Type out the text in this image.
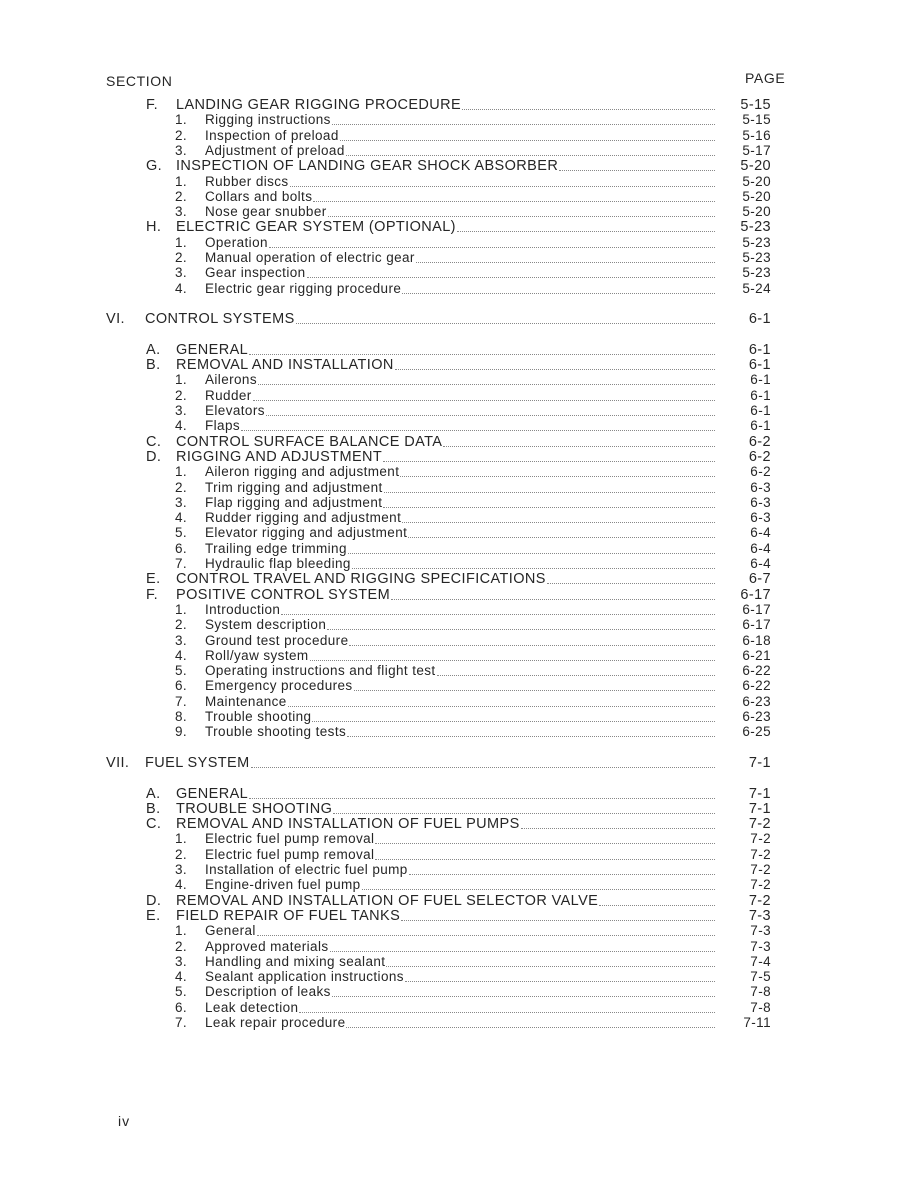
SECTION	PAGE
F. LANDING GEAR RIGGING PROCEDURE	5-15
1. Rigging instructions	5-15
2. Inspection of preload	5-16
3. Adjustment of preload	5-17
G. INSPECTION OF LANDING GEAR SHOCK ABSORBER	5-20
1. Rubber discs	5-20
2. Collars and bolts	5-20
3. Nose gear snubber	5-20
H. ELECTRIC GEAR SYSTEM (OPTIONAL)	5-23
1. Operation	5-23
2. Manual operation of electric gear	5-23
3. Gear inspection	5-23
4. Electric gear rigging procedure	5-24
VI. CONTROL SYSTEMS	6-1
A. GENERAL	6-1
B. REMOVAL AND INSTALLATION	6-1
1. Ailerons	6-1
2. Rudder	6-1
3. Elevators	6-1
4. Flaps	6-1
C. CONTROL SURFACE BALANCE DATA	6-2
D. RIGGING AND ADJUSTMENT	6-2
1. Aileron rigging and adjustment	6-2
2. Trim rigging and adjustment	6-3
3. Flap rigging and adjustment	6-3
4. Rudder rigging and adjustment	6-3
5. Elevator rigging and adjustment	6-4
6. Trailing edge trimming	6-4
7. Hydraulic flap bleeding	6-4
E. CONTROL TRAVEL AND RIGGING SPECIFICATIONS	6-7
F. POSITIVE CONTROL SYSTEM	6-17
1. Introduction	6-17
2. System description	6-17
3. Ground test procedure	6-18
4. Roll/yaw system	6-21
5. Operating instructions and flight test	6-22
6. Emergency procedures	6-22
7. Maintenance	6-23
8. Trouble shooting	6-23
9. Trouble shooting tests	6-25
VII. FUEL SYSTEM	7-1
A. GENERAL	7-1
B. TROUBLE SHOOTING	7-1
C. REMOVAL AND INSTALLATION OF FUEL PUMPS	7-2
1. Electric fuel pump removal	7-2
2. Electric fuel pump removal	7-2
3. Installation of electric fuel pump	7-2
4. Engine-driven fuel pump	7-2
D. REMOVAL AND INSTALLATION OF FUEL SELECTOR VALVE	7-2
E. FIELD REPAIR OF FUEL TANKS	7-3
1. General	7-3
2. Approved materials	7-3
3. Handling and mixing sealant	7-4
4. Sealant application instructions	7-5
5. Description of leaks	7-8
6. Leak detection	7-8
7. Leak repair procedure	7-11
iv
